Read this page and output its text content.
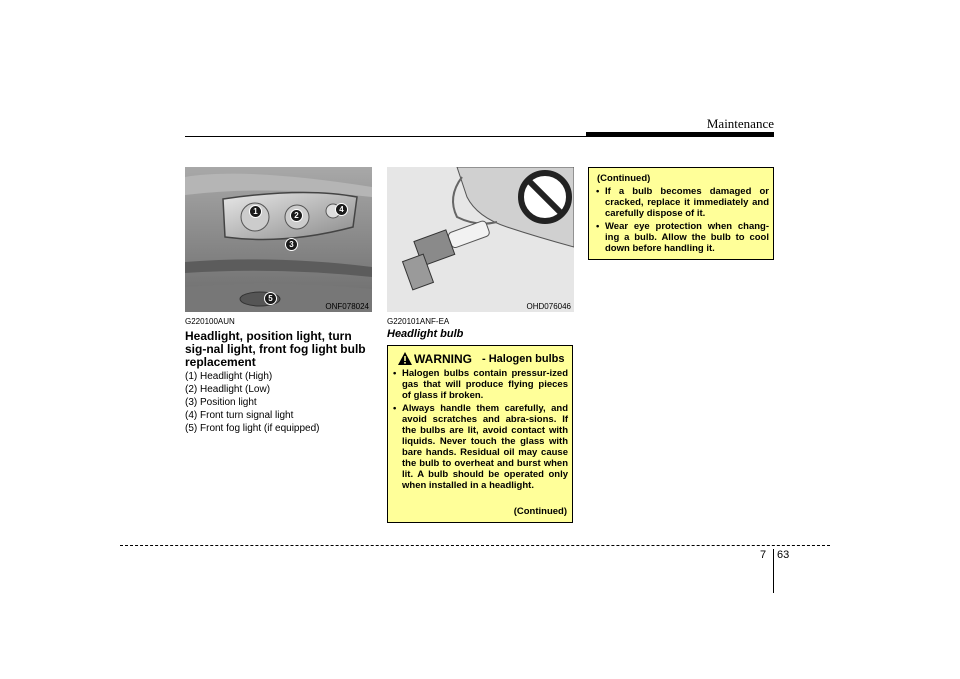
Maintenance
1	2
3
4
5
ONF078024	OHD076046
G220100AUN
Headlight, position light, turn sig-nal light, front fog light bulb replacement
(1) Headlight (High)
(2) Headlight (Low)
(3) Position light
(4) Front turn signal light
(5) Front fog light (if equipped)
G220101ANF-EA
Headlight bulb
WARNING - Halogen bulbs
• Halogen bulbs contain pressur-ized gas that will produce flying pieces of glass if broken.
• Always handle them carefully, and avoid scratches and abra-sions. If the bulbs are lit, avoid contact with liquids. Never touch the glass with bare hands. Residual oil may cause the bulb to overheat and burst when lit. A bulb should be operated only when installed in a headlight.
(Continued)
(Continued)
• If a bulb becomes damaged or cracked, replace it immediately and carefully dispose of it.
• Wear eye protection when chang-ing a bulb. Allow the bulb to cool down before handling it.
7 63
